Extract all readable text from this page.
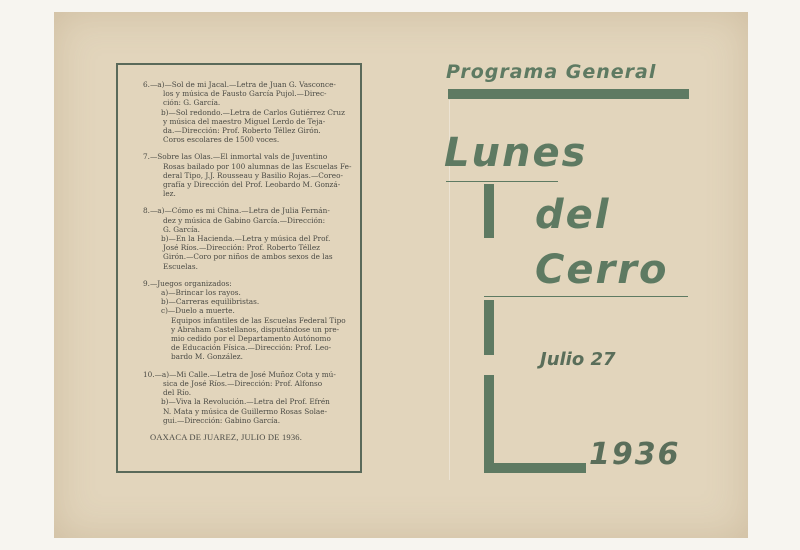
6.—a)—Sol de mi Jacal.—Letra de Juan G. Vasconce-
los y música de Fausto García Pujol.—Direc-
ción: G. García.
b)—Sol redondo.—Letra de Carlos Gutiérrez Cruz
y música del maestro Miguel Lerdo de Teja-
da.—Dirección: Prof. Roberto Téllez Girón.
Coros escolares de 1500 voces.
7.—Sobre las Olas.—El inmortal vals de Juventino
Rosas bailado por 100 alumnas de las Escuelas Fe-
deral Tipo, J.J. Rousseau y Basilio Rojas.—Coreo-
grafía y Dirección del Prof. Leobardo M. Gonzá-
lez.
8.—a)—Cómo es mi China.—Letra de Julia Fernán-
dez y música de Gabino García.—Dirección:
G. García.
b)—En la Hacienda.—Letra y música del Prof.
José Ríos.—Dirección: Prof. Roberto Téllez
Girón.—Coro por niños de ambos sexos de las
Escuelas.
9.—Juegos organizados:
a)—Brincar los rayos.
b)—Carreras equilibristas.
c)—Duelo a muerte.
Equipos infantiles de las Escuelas Federal Tipo
y Abraham Castellanos, disputándose un pre-
mio cedido por el Departamento Autónomo
de Educación Física.—Dirección: Prof. Leo-
bardo M. González.
10.—a)—Mi Calle.—Letra de José Muñoz Cota y mú-
sica de José Ríos.—Dirección: Prof. Alfonso
del Río.
b)—Viva la Revolución.—Letra del Prof. Efrén
N. Mata y música de Guillermo Rosas Solae-
gui.—Dirección: Gabino García.
OAXACA DE JUAREZ, JULIO DE 1936.
Programa General
Lunes
del
Cerro
Julio 27
1936
